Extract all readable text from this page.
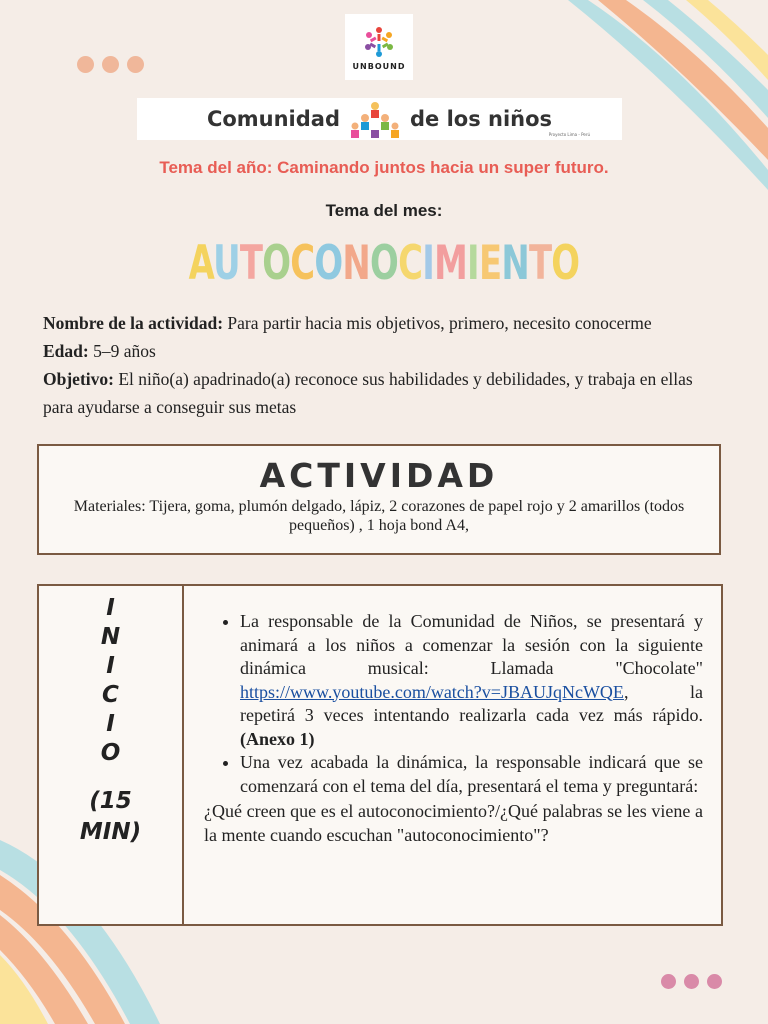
UNBOUND
Comunidad	de los niños
Proyecto Lima - Perú
Tema del año: Caminando juntos hacia un super futuro.
Tema del mes:
AUTOCONOCIMIENTO
Nombre de la actividad: Para partir hacia mis objetivos, primero, necesito conocerme
Edad: 5–9 años
Objetivo: El niño(a) apadrinado(a) reconoce sus habilidades y debilidades, y trabaja en ellas para ayudarse a conseguir sus metas
ACTIVIDAD
Materiales: Tijera, goma, plumón delgado, lápiz, 2 corazones de papel rojo y 2 amarillos (todos pequeños) , 1 hoja bond A4,
I
N
I
C
I
O
(15
MIN)
• La responsable de la Comunidad de Niños, se presentará y animará a los niños a comenzar la sesión con la siguiente dinámica musical: Llamada "Chocolate" https://www.youtube.com/watch?v=JBAUJqNcWQE, la repetirá 3 veces intentando realizarla cada vez más rápido. (Anexo 1)
• Una vez acabada la dinámica, la responsable indicará que se comenzará con el tema del día, presentará el tema y preguntará:
¿Qué creen que es el autoconocimiento?/¿Qué palabras se les viene a la mente cuando escuchan "autoconocimiento"?
